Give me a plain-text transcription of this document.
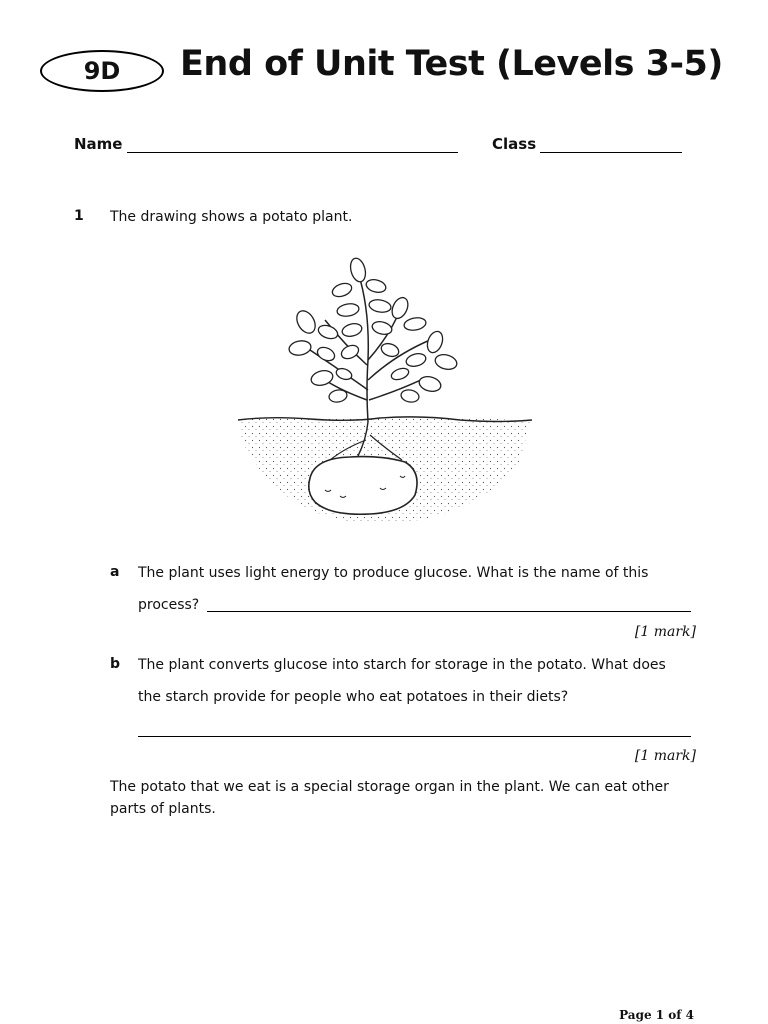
9D End of Unit Test (Levels 3-5)
Name	Class
1 The drawing shows a potato plant.
a The plant uses light energy to produce glucose. What is the name of this
process?
[1 mark]
b The plant converts glucose into starch for storage in the potato. What does
the starch provide for people who eat potatoes in their diets?
[1 mark]
The potato that we eat is a special storage organ in the plant. We can eat other parts of plants.
Page 1 of 4
